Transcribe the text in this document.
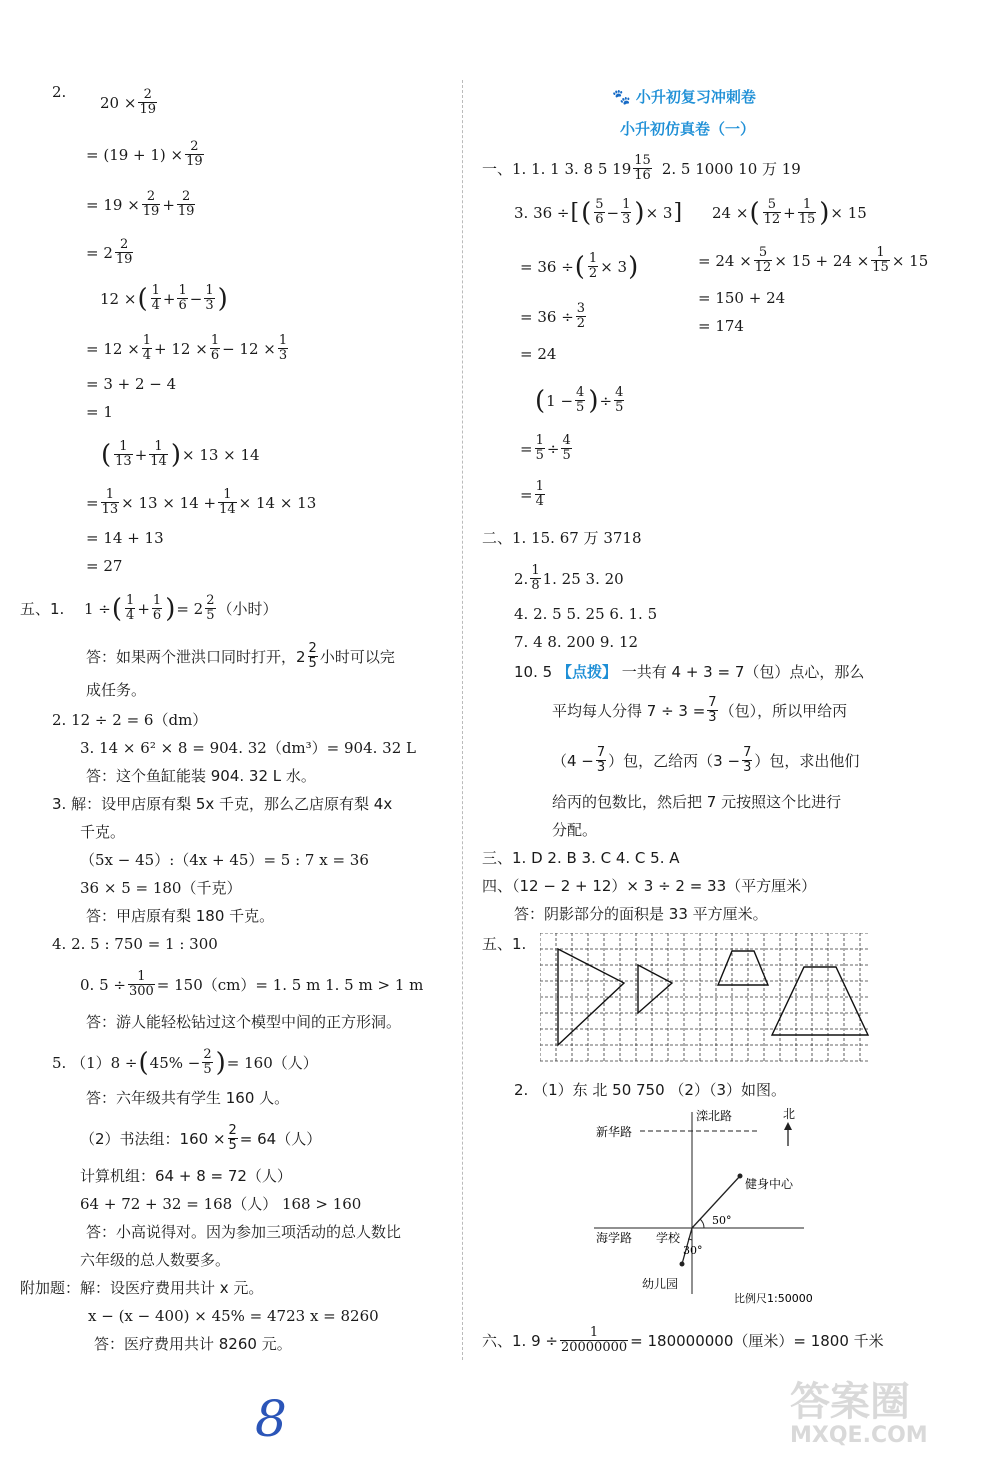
2.
$20 \times \frac{2}{19}$
= $(19 + 1) \times \frac{2}{19}$
= $19 \times \frac{2}{19} + \frac{2}{19}$
= 2 2
19
12 × ( 1
$4 + \frac{1}{6} - \frac{1}{3}$ )
= $12 \times \frac{1}{4} + 12 \times \frac{1}{6} - 12 \times \frac{1}{3}$
= 3 + 2 − 4
= 1
( 1
$13 + \frac{1}{14}$ ) × 13 × 14
= $\frac{1}{13} \times 13 \times 14 + \frac{1}{14} \times 14 \times 13$
= 14 + 13
= 27
五、1.	1 ÷ ( 1
$4 + \frac{1}{6}$ ) = 2 2
5 （小时）
答：如果两个泄洪口同时打开，2 2
5 小时可以完
成任务。
2. 12 ÷ 2 = 6（dm）
3. 14 × 6² × 8 = 904. 32（dm³）= 904. 32 L
答：这个鱼缸能装 904. 32 L 水。
3. 解：设甲店原有梨 5x 千克，那么乙店原有梨 4x
千克。
（5x − 45）:（4x + 45）= 5 : 7 x = 36
36 × 5 = 180（千克）
答：甲店原有梨 180 千克。
4. 2. 5 : 750 = 1 : 300
0. $5 \div \frac{1}{300} = 150(cm)= 1$. 5 m 1. 5 m > 1 m
答：游人能轻松钻过这个模型中间的正方形洞。
5. （1）8 ÷ ( $45\% - \frac{2}{5}$ ) = 160（人）
答：六年级共有学生 160 人。
（2）书法组：$160 \times \frac{2}{5} = 64$（人）
计算机组：64 + 8 = 72（人）
64 + 72 + 32 = 168（人） 168 > 160
答：小高说得对。因为参加三项活动的总人数比
六年级的总人数要多。
附加题：解：设医疗费用共计 x 元。
x − (x − 400) × 45% = 4723 x = 8260
答：医疗费用共计 8260 元。
🐾 小升初复习冲刺卷
小升初仿真卷（一）
一、1. 1. 1 3. 8 5 19 15
16 2. 5 1000 10 万 19
3. 36 ÷ [ ( 5
$6 - \frac{1}{3}$ ) × 3 ] 24 × ( 5
$12 + \frac{1}{15}$ ) × 15
= 36 ÷ ( $\frac{1}{2} \times 3$ )	= $24 \times \frac{5}{12} \times 15 + 24 \times \frac{1}{15} \times 15$
= 150 + 24
= 174
= $36 \div \frac{3}{2}$
= 24
( $1 - \frac{4}{5}$ ) ÷ $\frac{4}{5}$
= $\frac{1}{5} \div \frac{4}{5}$
= $\frac{1}{4}$
二、1. 15. 67 万 3718
2. 1
8 1. 25 3. 20
4. 2. 5 5. 25 6. 1. 5
7. 4 8. 200 9. 12
10. 5 【点拨】 一共有 4 + 3 = 7（包）点心，那么
平均每人分得 $7 \div 3 = \frac{7}{3}$ （包），所以甲给丙
（$4 - \frac{7}{3}$ ）包，乙给丙（$3 - \frac{7}{3}$ ）包，求出他们
给丙的包数比，然后把 7 元按照这个比进行
分配。
三、1. D 2. B 3. C 4. C 5. A
四、（12 − 2 + 12）× 3 ÷ 2 = 33（平方厘米）
答：阴影部分的面积是 33 平方厘米。
五、1.
2. （1）东 北 50 750 （2）（3）如图。
新华路
滦北路	北
健身中心
50°
海学路 学校
30°
幼儿园
比例尺1:50000
六、1. $9 \div \frac{1}{20000000} = 180000000$（厘米）= 1800 千米
8	答案圈
MXQE.COM
